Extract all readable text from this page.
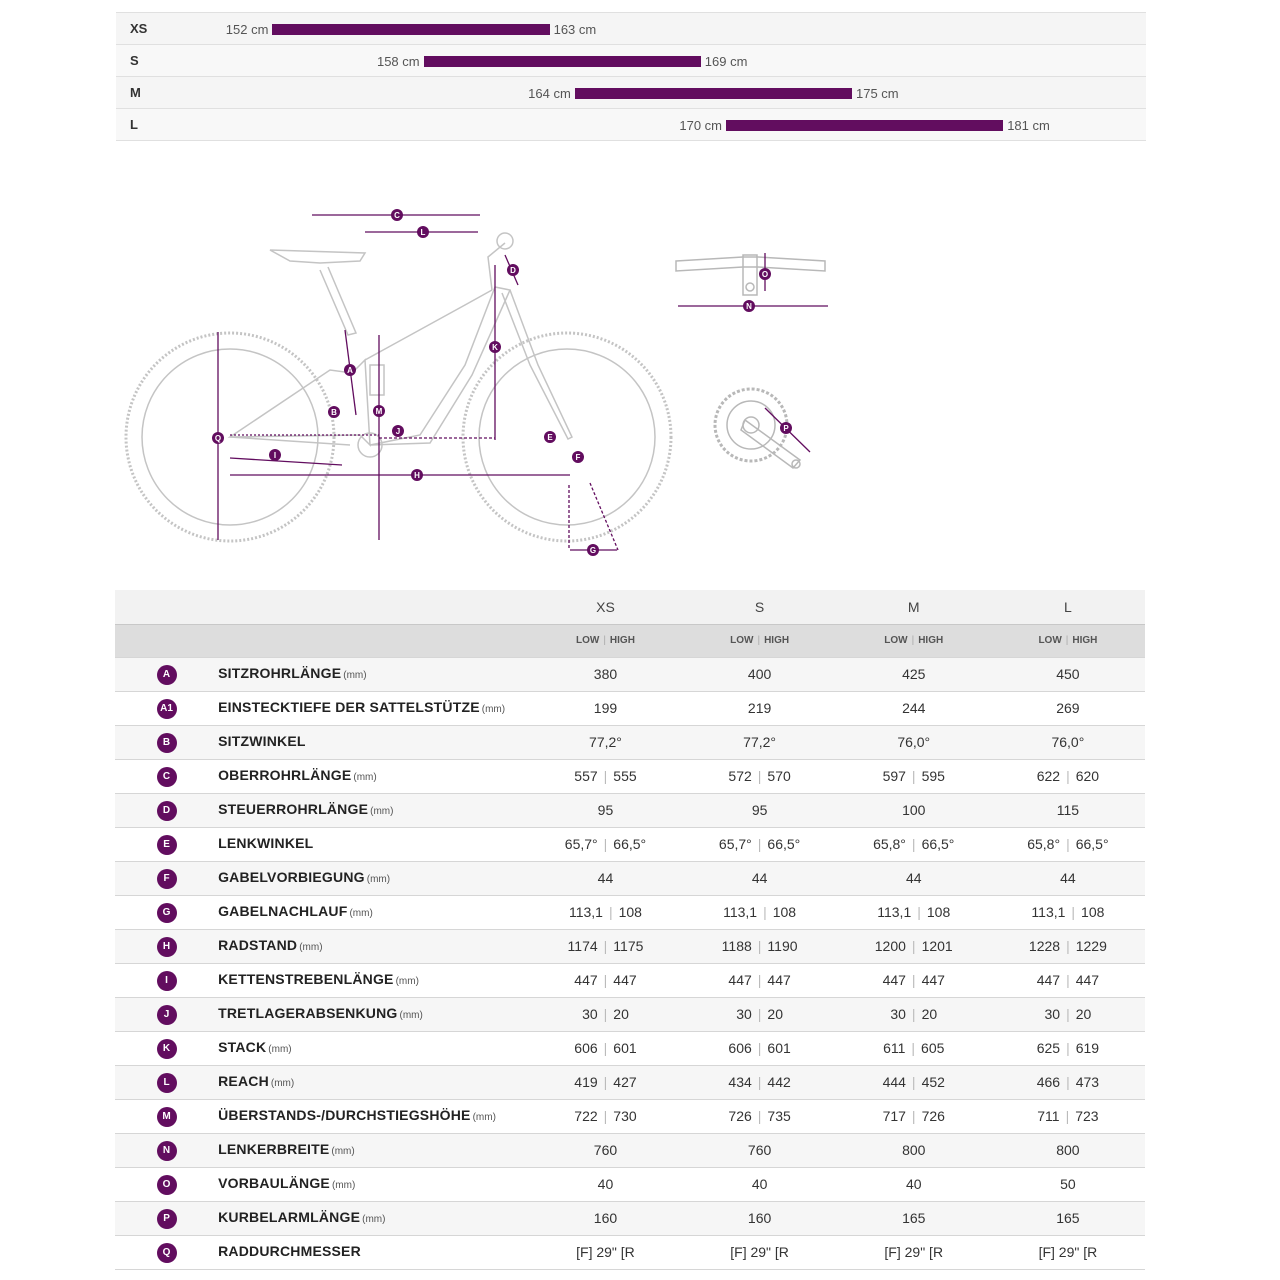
XS	152 cm	163 cm
S	158 cm	169 cm
M	164 cm	175 cm
L	170 cm	181 cm
A
B
C
D
E
F
G
H
I
J
K
L
M
Q
O
N
P
		XS	S	M	L
		LOW | HIGH	LOW | HIGH	LOW | HIGH	LOW | HIGH
A	SITZROHRLÄNGE (mm)	380	400	425	450
A1	EINSTECKTIEFE DER SATTELSTÜTZE (mm)	199	219	244	269
B	SITZWINKEL	77,2°	77,2°	76,0°	76,0°
C	OBERROHRLÄNGE (mm)	557 | 555	572 | 570	597 | 595	622 | 620
D	STEUERROHRLÄNGE (mm)	95	95	100	115
E	LENKWINKEL	65,7° | 66,5°	65,7° | 66,5°	65,8° | 66,5°	65,8° | 66,5°
F	GABELVORBIEGUNG (mm)	44	44	44	44
G	GABELNACHLAUF (mm)	113,1 | 108	113,1 | 108	113,1 | 108	113,1 | 108
H	RADSTAND (mm)	1174 | 1175	1188 | 1190	1200 | 1201	1228 | 1229
I	KETTENSTREBENLÄNGE (mm)	447 | 447	447 | 447	447 | 447	447 | 447
J	TRETLAGERABSENKUNG (mm)	30 | 20	30 | 20	30 | 20	30 | 20
K	STACK (mm)	606 | 601	606 | 601	611 | 605	625 | 619
L	REACH (mm)	419 | 427	434 | 442	444 | 452	466 | 473
M	ÜBERSTANDS-/DURCHSTIEGSHÖHE (mm)	722 | 730	726 | 735	717 | 726	711 | 723
N	LENKERBREITE (mm)	760	760	800	800
O	VORBAULÄNGE (mm)	40	40	40	50
P	KURBELARMLÄNGE (mm)	160	160	165	165
Q	RADDURCHMESSER	[F] 29" [R	[F] 29" [R	[F] 29" [R	[F] 29" [R
